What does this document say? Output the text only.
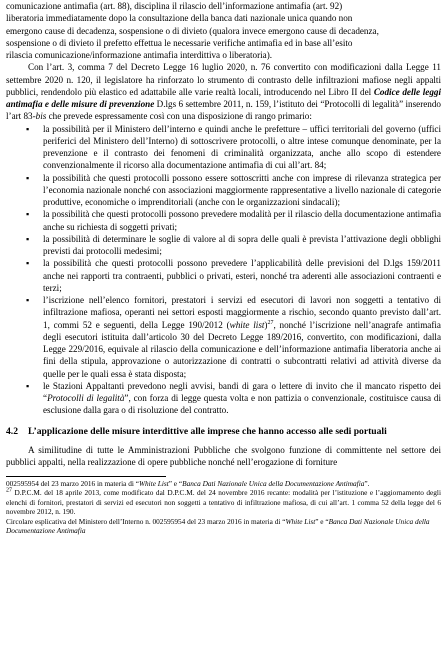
comunicazione antimafia (art. 88), disciplina il rilascio dell’informazione antimafia (art. 92)

liberatoria immediatamente dopo la consultazione della banca dati nazionale unica quando non

emergono cause di decadenza, sospensione o di divieto (qualora invece emergono cause di decadenza,

sospensione o di divieto il prefetto effettua le necessarie verifiche antimafia ed in base all’esito

rilascia comunicazione/informazione antimafia interdittiva o liberatoria).

Con l’art. 3, comma 7 del Decreto Legge 16 luglio 2020, n. 76 convertito con modificazioni dalla Legge 11 settembre 2020 n. 120, il legislatore ha rinforzato lo strumento di contrasto delle infiltrazioni mafiose negli appalti pubblici, rendendolo più elastico ed adattabile alle varie realtà locali, introducendo nel Libro II del Codice delle leggi antimafia e delle misure di prevenzione D.lgs 6 settembre 2011, n. 159, l’istituto dei “Protocolli di legalità” inserendo l’art 83-bis che prevede espressamente così con una disposizione di rango primario:

▪ la possibilità per il Ministero dell’interno e quindi anche le prefetture – uffici territoriali del governo (uffici periferici del Ministero dell’Interno) di sottoscrivere protocolli, o altre intese comunque denominate, per la prevenzione e il contrasto dei fenomeni di criminalità organizzata, anche allo scopo di estendere convenzionalmente il ricorso alla documentazione antimafia di cui all’art. 84;
▪ la possibilità che questi protocolli possono essere sottoscritti anche con imprese di rilevanza strategica per l’economia nazionale nonché con associazioni maggiormente rappresentative a livello nazionale di categorie produttive, economiche o imprenditoriali (anche con le organizzazioni sindacali);
▪ la possibilità che questi protocolli possono prevedere modalità per il rilascio della documentazione antimafia anche su richiesta di soggetti privati;
▪ la possibilità di determinare le soglie di valore al di sopra delle quali è prevista l’attivazione degli obblighi previsti dai protocolli medesimi;
▪ la possibilità che questi protocolli possono prevedere l’applicabilità delle previsioni del D.lgs 159/2011 anche nei rapporti tra contraenti, pubblici o privati, esteri, nonché tra aderenti alle associazioni contraenti e terzi;
▪ l’iscrizione nell’elenco fornitori, prestatori i servizi ed esecutori di lavori non soggetti a tentativo di infiltrazione mafiosa, operanti nei settori esposti maggiormente a rischio, secondo quanto previsto dall’art. 1, commi 52 e seguenti, della Legge 190/2012 (white list)$^{27}$, nonché l’iscrizione nell’anagrafe antimafia degli esecutori istituita dall’articolo 30 del Decreto Legge 189/2016, convertito, con modificazioni, dalla Legge 229/2016, equivale al rilascio della comunicazione e dell’informazione antimafia liberatoria anche ai fini della stipula, approvazione o autorizzazione di contratti o subcontratti relativi ad attività diverse da quelle per le quali essa è stata disposta;
▪ le Stazioni Appaltanti prevedono negli avvisi, bandi di gara o lettere di invito che il mancato rispetto dei “Protocolli di legalità”, con forza di legge questa volta e non pattizia o convenzionale, costituisce causa di esclusione dalla gara o di risoluzione del contratto.
4.2	L’applicazione delle misure interdittive alle imprese che hanno accesso alle sedi portuali

A similitudine di tutte le Amministrazioni Pubbliche che svolgono funzione di committente nel settore dei pubblici appalti, nella realizzazione di opere pubbliche nonché nell’erogazione di forniture

002595954 del 23 marzo 2016 in materia di “White List” e “Banca Dati Nazionale Unica della Documentazione Antimafia”.

$^{27}$ D.P.C.M. del 18 aprile 2013, come modificato dal D.P.C.M. del 24 novembre 2016 recante: modalità per l’istituzione e l’aggiornamento degli elenchi di fornitori, prestatori di servizi ed esecutori non soggetti a tentativo di infiltrazione mafiosa, di cui all’art. 1 comma 52 della legge del 6 novembre 2012, n. 190.

Circolare esplicativa del Ministero dell’Interno n. 002595954 del 23 marzo 2016 in materia di “White List” e “Banca Dati Nazionale Unica della Documentazione Antimafia
